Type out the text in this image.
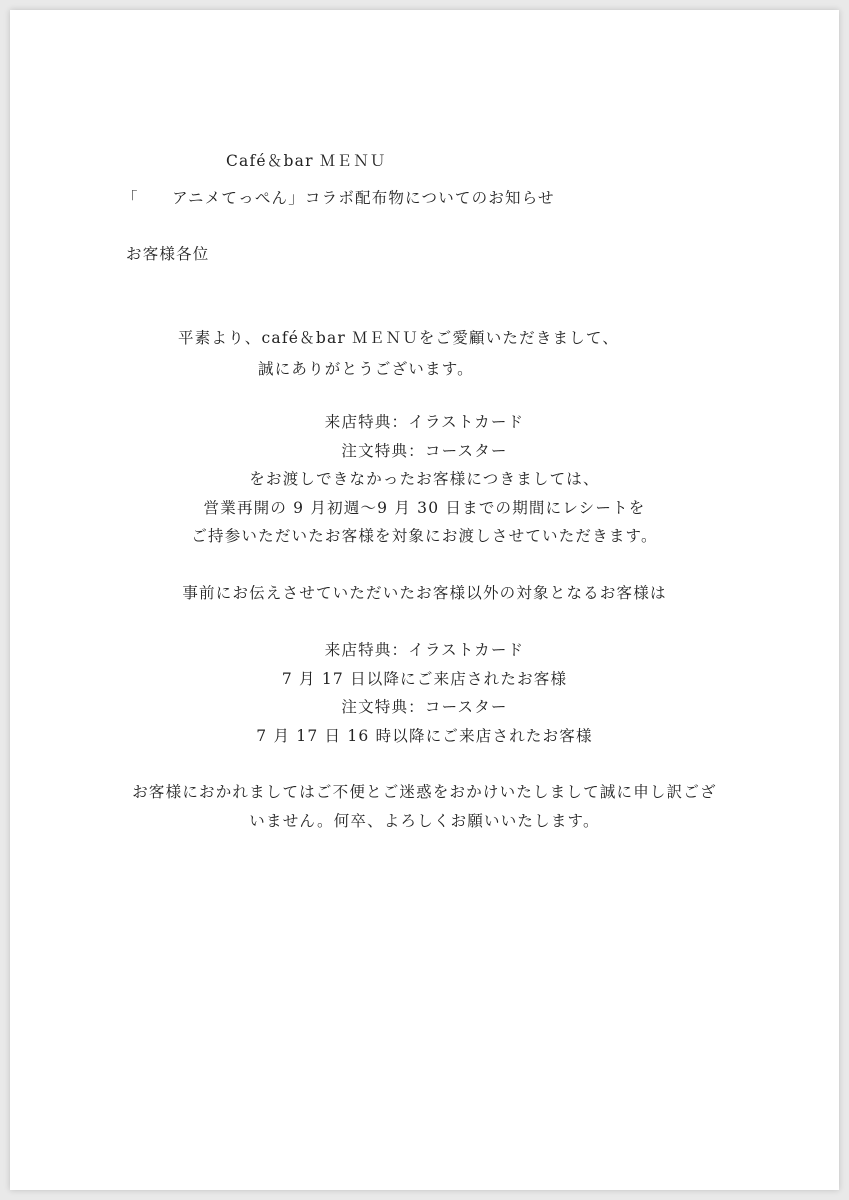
Café＆bar ＭＥＮＵ
「　　アニメてっぺん」コラボ配布物についてのお知らせ
お客様各位
平素より、café＆bar ＭＥＮＵをご愛顧いただきまして、
誠にありがとうございます。
来店特典：イラストカード
注文特典：コースター
をお渡しできなかったお客様につきましては、
営業再開の 9 月初週〜9 月 30 日までの期間にレシートを
ご持参いただいたお客様を対象にお渡しさせていただきます。
事前にお伝えさせていただいたお客様以外の対象となるお客様は
来店特典：イラストカード
7 月 17 日以降にご来店されたお客様
注文特典：コースター
7 月 17 日 16 時以降にご来店されたお客様
お客様におかれましてはご不便とご迷惑をおかけいたしまして誠に申し訳ござ
いません。何卒、よろしくお願いいたします。
